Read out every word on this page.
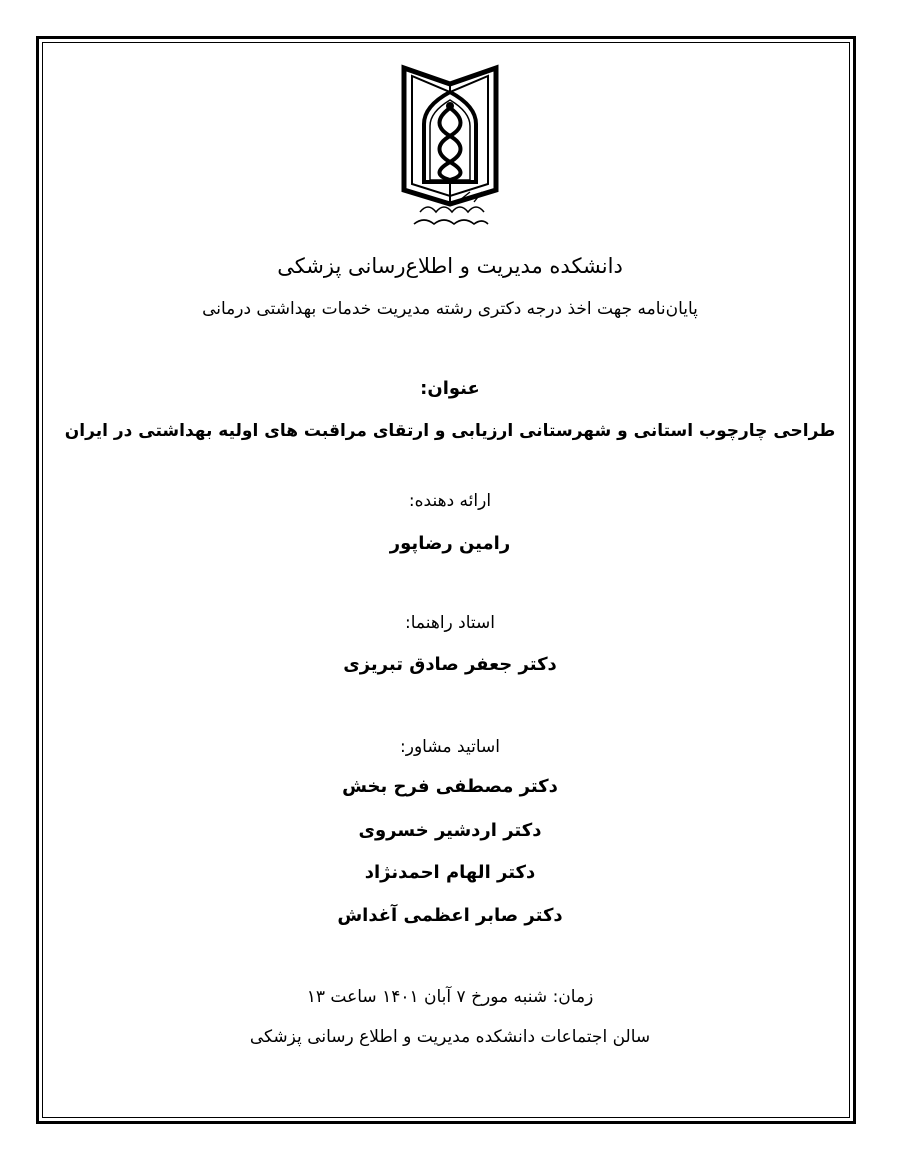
دانشکده مدیریت و اطلاع‌رسانی پزشکی
پایان‌نامه جهت اخذ درجه دکتری رشته مدیریت خدمات بهداشتی درمانی
عنوان:
طراحی چارچوب استانی و شهرستانی ارزیابی و ارتقای مراقبت های اولیه بهداشتی در ایران
ارائه دهنده:
رامین رضاپور
استاد راهنما:
دکتر جعفر صادق تبریزی
اساتید مشاور:
دکتر مصطفی فرح بخش
دکتر اردشیر خسروی
دکتر الهام احمدنژاد
دکتر صابر اعظمی آغداش
زمان: شنبه مورخ ۷ آبان ۱۴۰۱ ساعت ۱۳
سالن اجتماعات دانشکده مدیریت و اطلاع رسانی پزشکی
